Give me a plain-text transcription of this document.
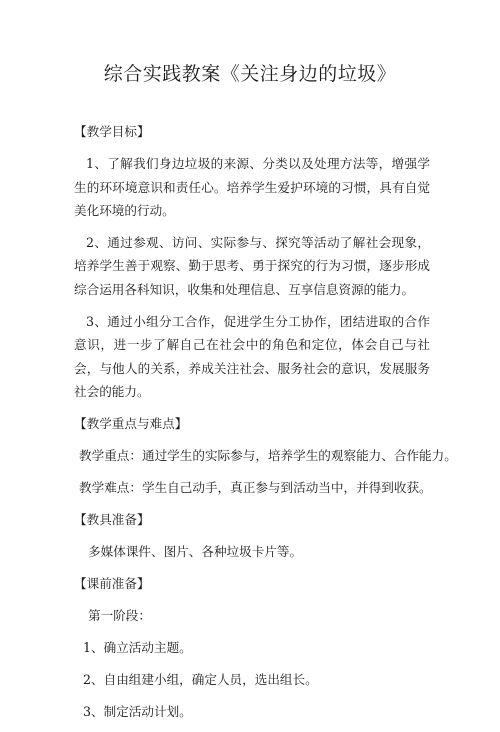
综合实践教案《关注身边的垃圾》
【教学目标】
1、了解我们身边垃圾的来源、分类以及处理方法等，增强学生的环环境意识和责任心。培养学生爱护环境的习惯，具有自觉美化环境的行动。
2、通过参观、访问、实际参与、探究等活动了解社会现象，培养学生善于观察、勤于思考、勇于探究的行为习惯，逐步形成综合运用各科知识，收集和处理信息、互享信息资源的能力。
3、通过小组分工合作，促进学生分工协作，团结进取的合作意识，进一步了解自己在社会中的角色和定位，体会自己与社会，与他人的关系，养成关注社会、服务社会的意识，发展服务社会的能力。
【教学重点与难点】
教学重点：通过学生的实际参与，培养学生的观察能力、合作能力。
教学难点：学生自己动手，真正参与到活动当中，并得到收获。
【教具准备】
多媒体课件、图片、各种垃圾卡片等。
【课前准备】
第一阶段：
1、确立活动主题。
2、自由组建小组，确定人员，选出组长。
3、制定活动计划。
